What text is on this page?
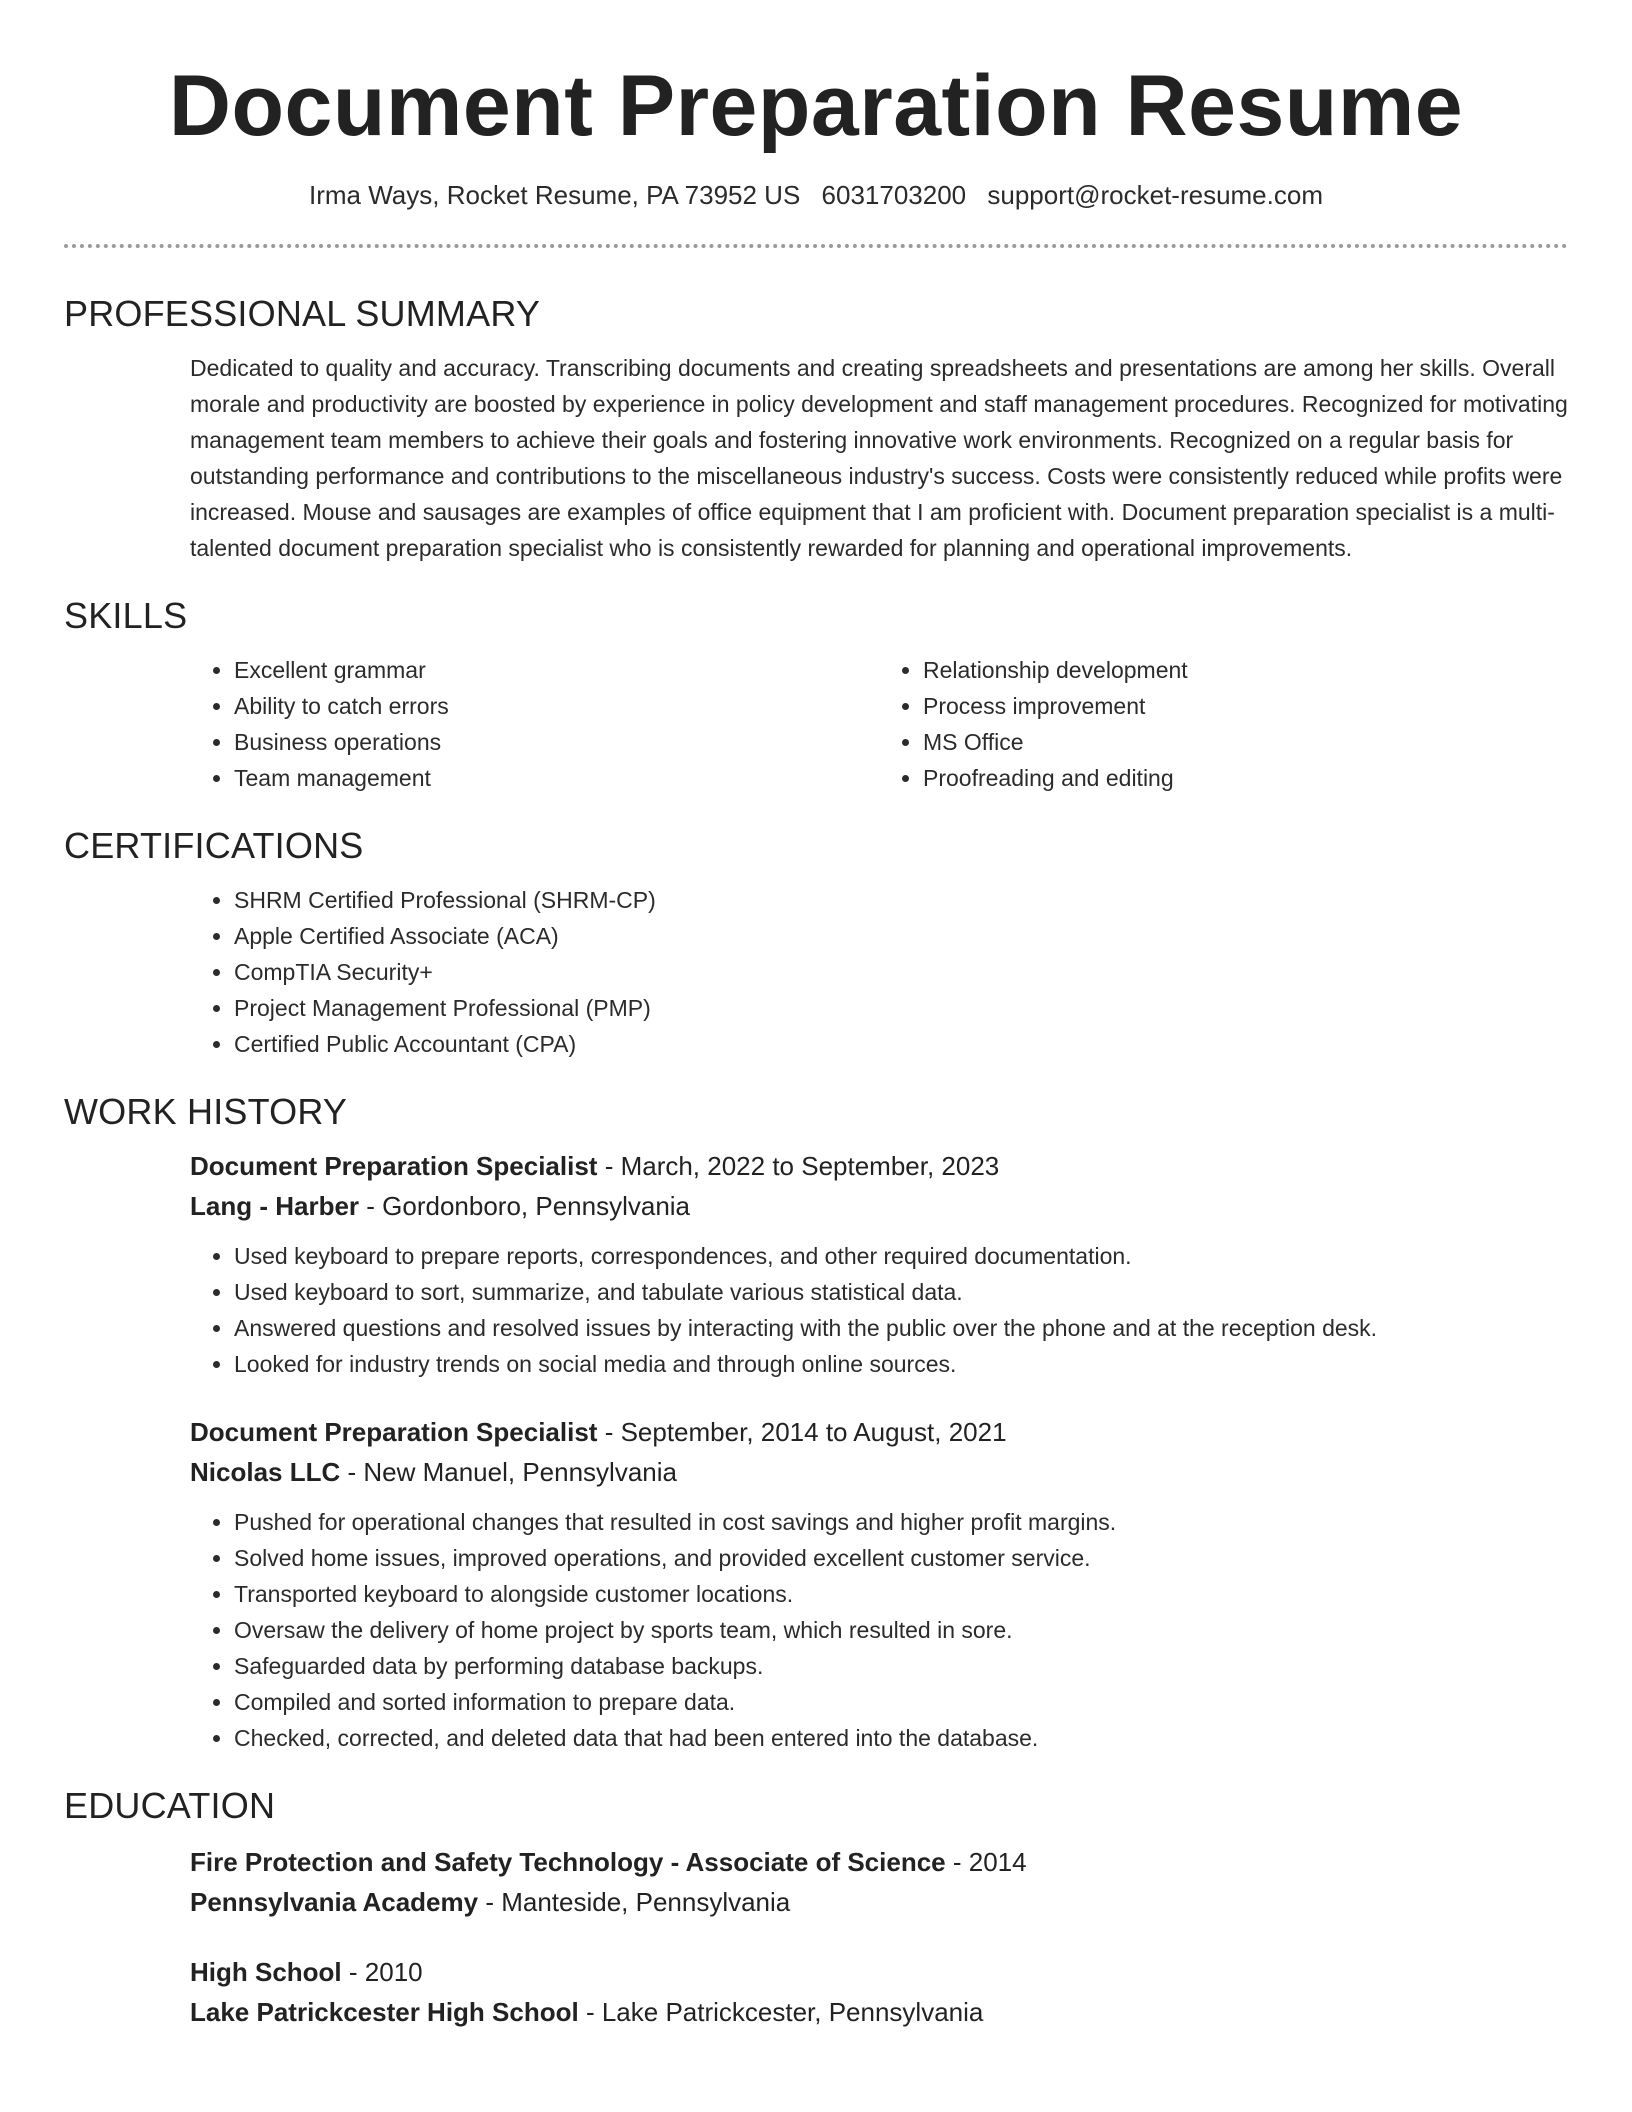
Document Preparation Resume
Irma Ways, Rocket Resume, PA 73952 US 6031703200 support@rocket-resume.com
PROFESSIONAL SUMMARY

Dedicated to quality and accuracy. Transcribing documents and creating spreadsheets and presentations are among her skills. Overall morale and productivity are boosted by experience in policy development and staff management procedures. Recognized for motivating management team members to achieve their goals and fostering innovative work environments. Recognized on a regular basis for outstanding performance and contributions to the miscellaneous industry's success. Costs were consistently reduced while profits were increased. Mouse and sausages are examples of office equipment that I am proficient with. Document preparation specialist is a multi-talented document preparation specialist who is consistently rewarded for planning and operational improvements.

SKILLS
• Excellent grammar
• Ability to catch errors
• Business operations
• Team management
• Relationship development
• Process improvement
• MS Office
• Proofreading and editing
CERTIFICATIONS
• SHRM Certified Professional (SHRM-CP)
• Apple Certified Associate (ACA)
• CompTIA Security+
• Project Management Professional (PMP)
• Certified Public Accountant (CPA)
WORK HISTORY
Document Preparation Specialist - March, 2022 to September, 2023
Lang - Harber - Gordonboro, Pennsylvania
• Used keyboard to prepare reports, correspondences, and other required documentation.
• Used keyboard to sort, summarize, and tabulate various statistical data.
• Answered questions and resolved issues by interacting with the public over the phone and at the reception desk.
• Looked for industry trends on social media and through online sources.
Document Preparation Specialist - September, 2014 to August, 2021
Nicolas LLC - New Manuel, Pennsylvania
• Pushed for operational changes that resulted in cost savings and higher profit margins.
• Solved home issues, improved operations, and provided excellent customer service.
• Transported keyboard to alongside customer locations.
• Oversaw the delivery of home project by sports team, which resulted in sore.
• Safeguarded data by performing database backups.
• Compiled and sorted information to prepare data.
• Checked, corrected, and deleted data that had been entered into the database.
EDUCATION
Fire Protection and Safety Technology - Associate of Science - 2014
Pennsylvania Academy - Manteside, Pennsylvania
High School - 2010
Lake Patrickcester High School - Lake Patrickcester, Pennsylvania
